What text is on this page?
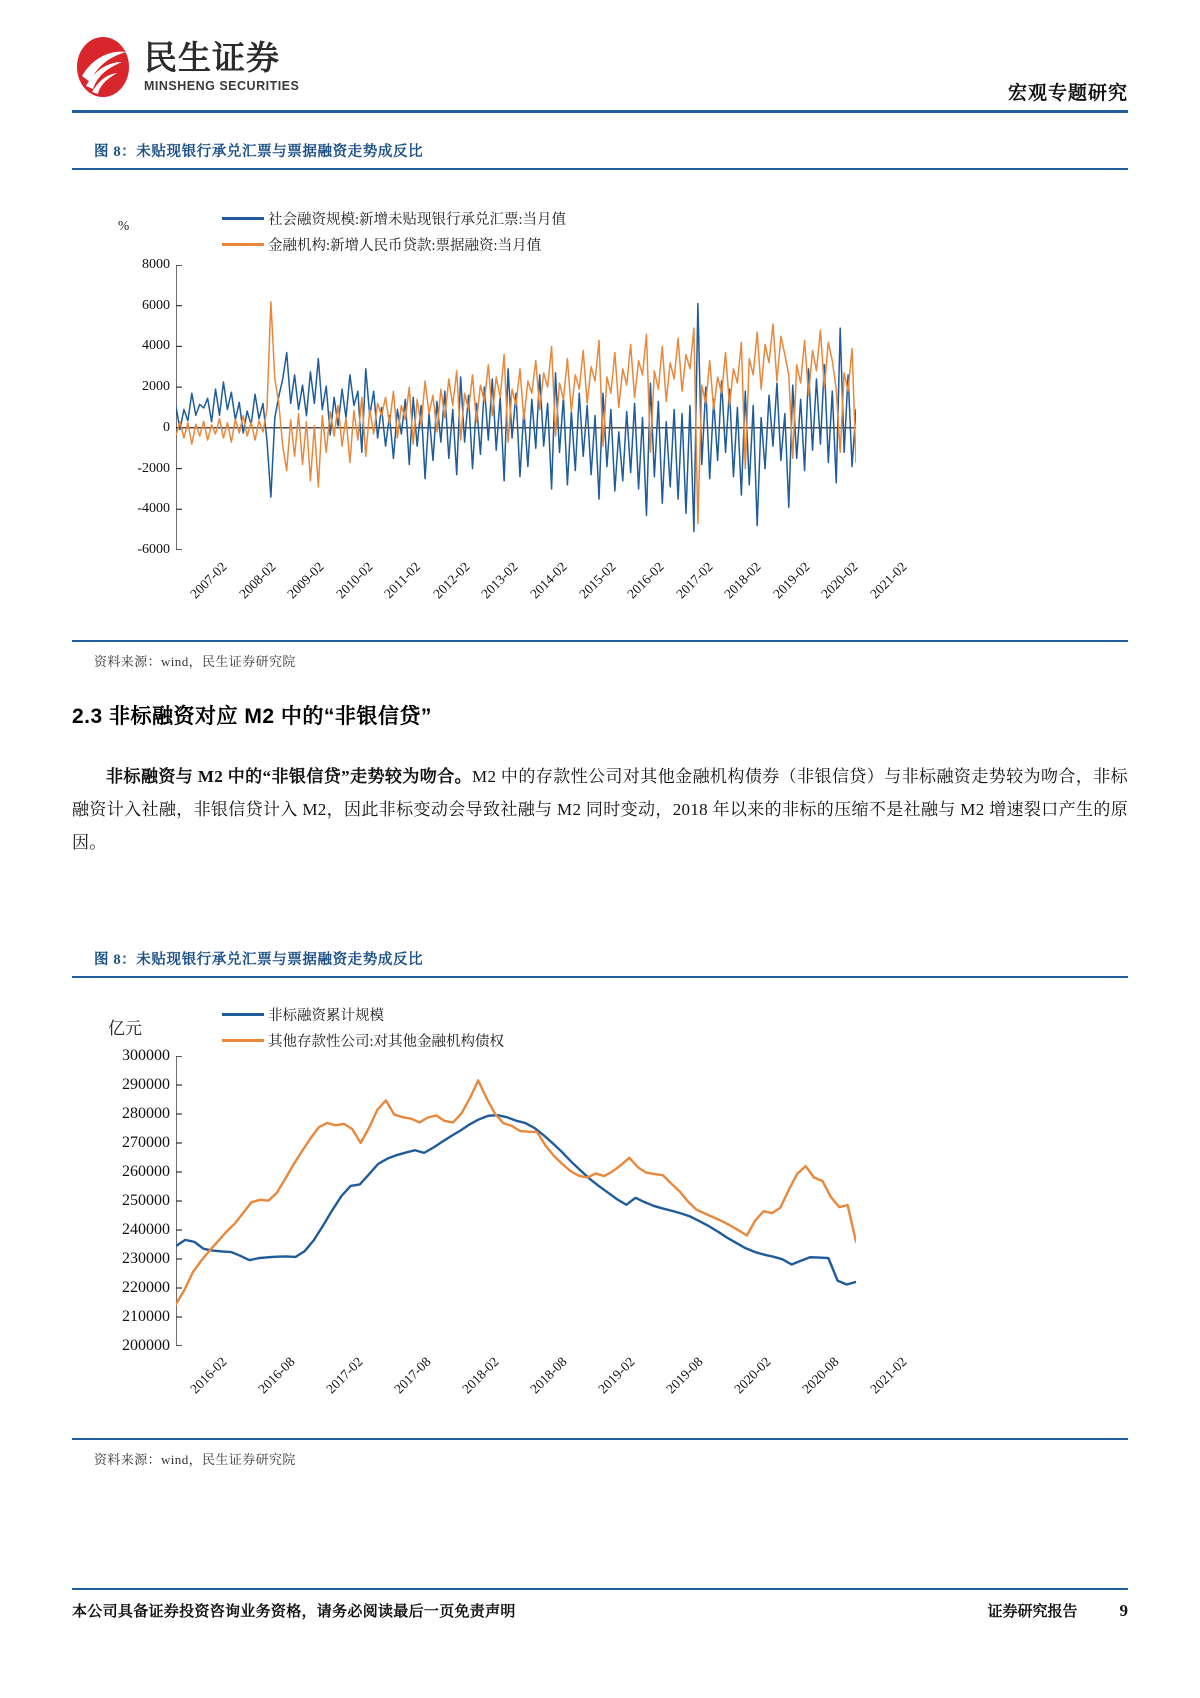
民生证券
MINSHENG SECURITIES	宏观专题研究
图 8：未贴现银行承兑汇票与票据融资走势成反比
%	社会融资规模:新增未贴现银行承兑汇票:当月值
金融机构:新增人民币贷款:票据融资:当月值
8000
6000
4000
2000
0
-2000
-4000
-6000
2007-02 2008-02 2009-02 2010-02 2011-02 2012-02 2013-02 2014-02 2015-02 2016-02 2017-02 2018-02 2019-02 2020-02 2021-02
资料来源：wind，民生证券研究院
2.3 非标融资对应 M2 中的“非银信贷”
非标融资与 M2 中的“非银信贷”走势较为吻合。M2 中的存款性公司对其他金融机构债券（非银信贷）与非标融资走势较为吻合，非标融资计入社融，非银信贷计入 M2，因此非标变动会导致社融与 M2 同时变动，2018 年以来的非标的压缩不是社融与 M2 增速裂口产生的原因。
图 8：未贴现银行承兑汇票与票据融资走势成反比
亿元
非标融资累计规模
其他存款性公司:对其他金融机构债权
300000
290000
280000
270000
260000
250000
240000
230000
220000
210000
200000
2016-02 2016-08 2017-02 2017-08 2018-02 2018-08 2019-02 2019-08 2020-02 2020-08 2021-02
资料来源：wind，民生证券研究院
本公司具备证券投资咨询业务资格，请务必阅读最后一页免责声明	证券研究报告 9
